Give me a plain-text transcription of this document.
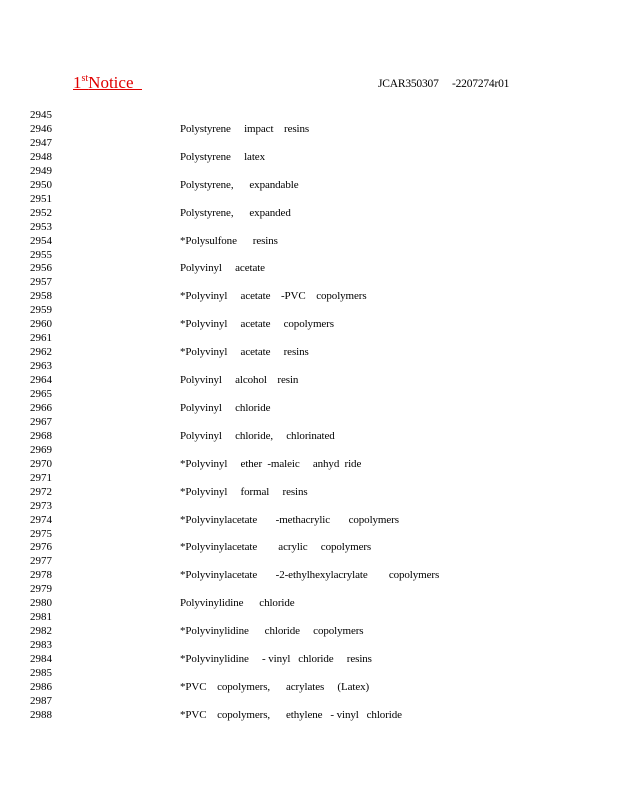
1stNotice	JCAR350307     -2207274r01
2945
2946
2947
2948
2949
2950
2951
2952
2953
2954
2955
2956
2957
2958
2959
2960
2961
2962
2963
2964
2965
2966
2967
2968
2969
2970
2971
2972
2973
2974
2975
2976
2977
2978
2979
2980
2981
2982
2983
2984
2985
2986
2987
2988
Polystyrene     impact    resins
Polystyrene     latex
Polystyrene,      expandable
Polystyrene,      expanded
*Polysulfone      resins
Polyvinyl     acetate
*Polyvinyl     acetate    -PVC    copolymers
*Polyvinyl     acetate     copolymers
*Polyvinyl     acetate     resins
Polyvinyl     alcohol    resin
Polyvinyl     chloride
Polyvinyl     chloride,     chlorinated
*Polyvinyl     ether  -maleic     anhyd  ride
*Polyvinyl     formal     resins
*Polyvinylacetate       -methacrylic       copolymers
*Polyvinylacetate        acrylic     copolymers
*Polyvinylacetate       -2-ethylhexylacrylate        copolymers
Polyvinylidine      chloride
*Polyvinylidine      chloride     copolymers
*Polyvinylidine     - vinyl   chloride     resins
*PVC    copolymers,      acrylates     (Latex)
*PVC    copolymers,      ethylene   - vinyl   chloride
